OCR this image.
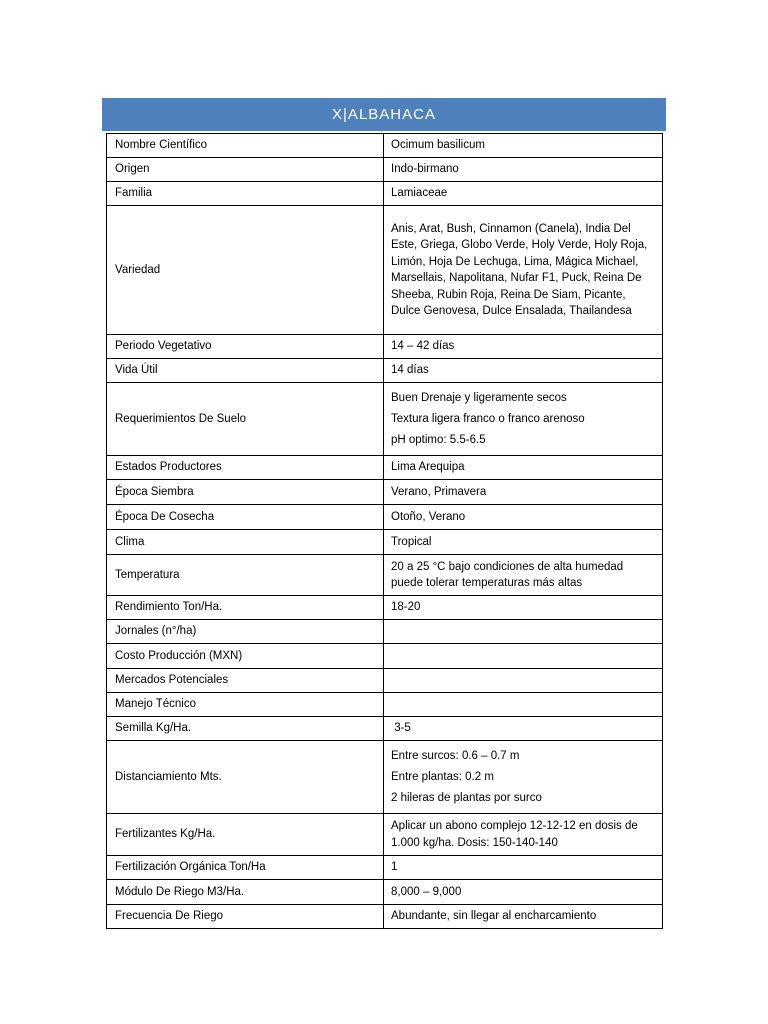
X|ALBAHACA
Nombre Científico	Ocimum basilicum
Origen	Indo-birmano
Familia	Lamiaceae
Variedad	Anis, Arat, Bush, Cinnamon (Canela), India Del Este, Griega, Globo Verde, Holy Verde, Holy Roja, Limón, Hoja De Lechuga, Lima, Mágica Michael, Marsellais, Napolitana, Nufar F1, Puck, Reina De Sheeba, Rubin Roja, Reina De Siam, Picante, Dulce Genovesa, Dulce Ensalada, Thailandesa
Periodo Vegetativo	14 – 42 días
Vida Útil	14 días
Requerimientos De Suelo	Buen Drenaje y ligeramente secos
Textura ligera franco o franco arenoso
pH optimo: 5.5-6.5

Estados Productores	Lima Arequipa
Época Siembra	Verano, Primavera
Época De Cosecha	Otoño, Verano
Clima	Tropical
Temperatura	20 a 25 °C bajo condiciones de alta humedad puede tolerar temperaturas más altas
Rendimiento Ton/Ha.	18-20
Jornales (n°/ha)	
Costo Producción (MXN)	
Mercados Potenciales	
Manejo Técnico	
Semilla Kg/Ha.	3-5
Distanciamiento Mts.	Entre surcos: 0.6 – 0.7 m
Entre plantas: 0.2 m
2 hileras de plantas por surco

Fertilizantes Kg/Ha.	Aplicar un abono complejo 12-12-12 en dosis de 1.000 kg/ha. Dosis: 150-140-140
Fertilización Orgánica Ton/Ha	1
Módulo De Riego M3/Ha.	8,000 – 9,000
Frecuencia De Riego	Abundante, sin llegar al encharcamiento
